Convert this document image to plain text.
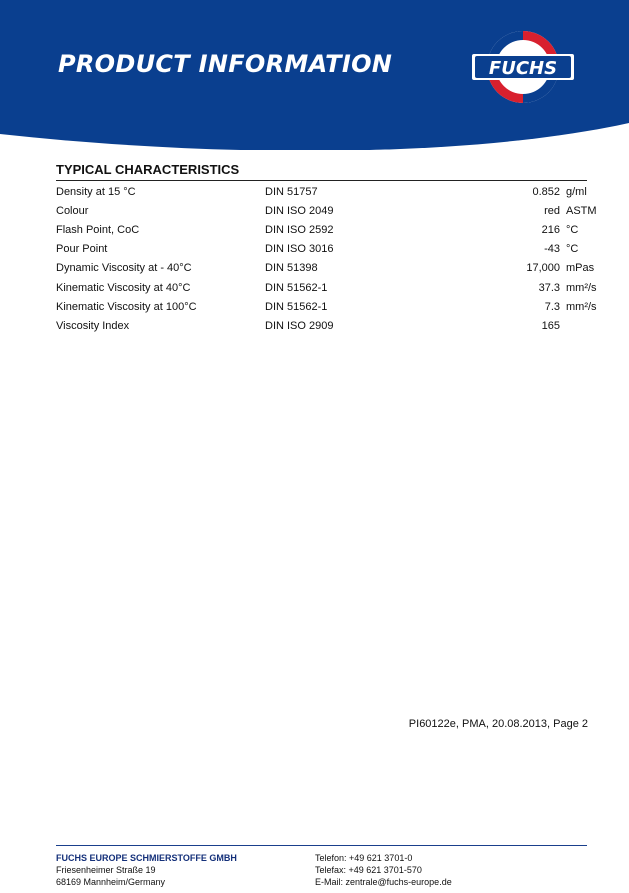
PRODUCT INFORMATION	FUCHS
TYPICAL CHARACTERISTICS
Density at 15 °C	DIN 51757	0.852	g/ml
Colour	DIN ISO 2049	red	ASTM
Flash Point, CoC	DIN ISO 2592	216	°C
Pour Point	DIN ISO 3016	-43	°C
Dynamic Viscosity at - 40°C	DIN 51398	17,000	mPas
Kinematic Viscosity at 40°C	DIN 51562-1	37.3	mm²/s
Kinematic Viscosity at 100°C	DIN 51562-1	7.3	mm²/s
Viscosity Index	DIN ISO 2909	165	
PI60122e, PMA, 20.08.2013, Page 2
FUCHS EUROPE SCHMIERSTOFFE GMBH
Friesenheimer Straße 19
68169 Mannheim/Germany
Telefon: +49 621 3701-0
Telefax: +49 621 3701-570
E-Mail: zentrale@fuchs-europe.de
